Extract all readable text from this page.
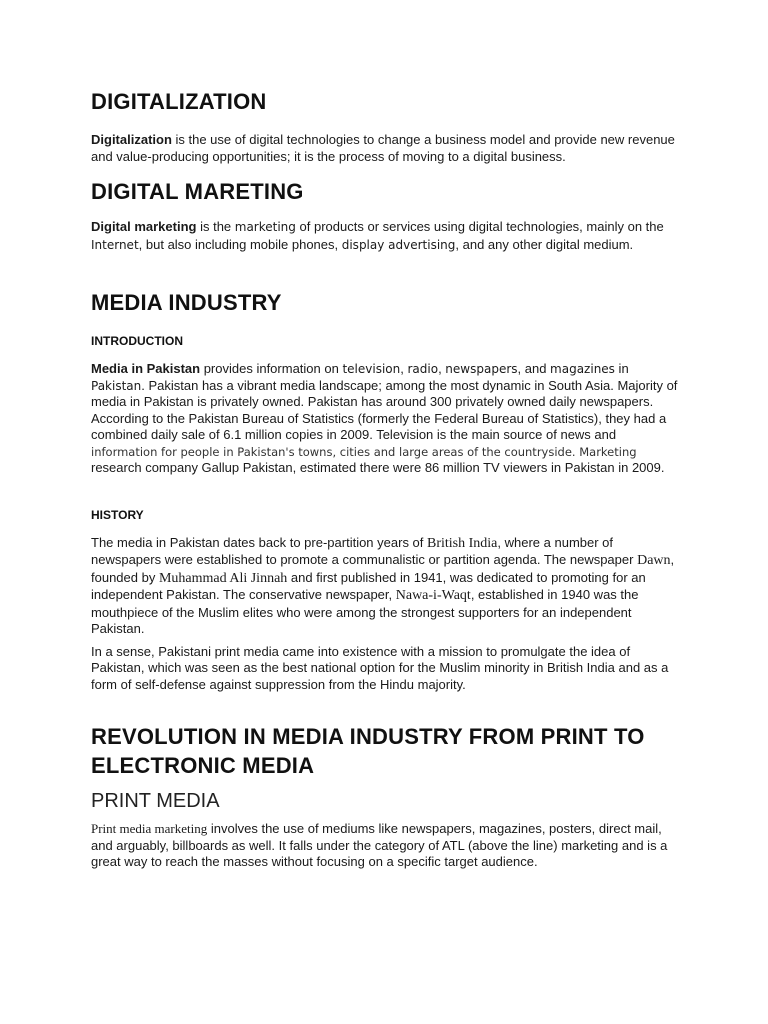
DIGITALIZATION

Digitalization is the use of digital technologies to change a business model and provide new revenue and value-producing opportunities; it is the process of moving to a digital business.

DIGITAL MARETING

Digital marketing is the marketing of products or services using digital technologies, mainly on the Internet, but also including mobile phones, display advertising, and any other digital medium.

MEDIA INDUSTRY
INTRODUCTION

Media in Pakistan provides information on television, radio, newspapers, and magazines in Pakistan. Pakistan has a vibrant media landscape; among the most dynamic in South Asia. Majority of media in Pakistan is privately owned. Pakistan has around 300 privately owned daily newspapers. According to the Pakistan Bureau of Statistics (formerly the Federal Bureau of Statistics), they had a combined daily sale of 6.1 million copies in 2009. Television is the main source of news and information for people in Pakistan's towns, cities and large areas of the countryside. Marketing research company Gallup Pakistan, estimated there were 86 million TV viewers in Pakistan in 2009.

HISTORY

The media in Pakistan dates back to pre-partition years of British India, where a number of newspapers were established to promote a communalistic or partition agenda. The newspaper Dawn, founded by Muhammad Ali Jinnah and first published in 1941, was dedicated to promoting for an independent Pakistan. The conservative newspaper, Nawa-i-Waqt, established in 1940 was the mouthpiece of the Muslim elites who were among the strongest supporters for an independent Pakistan.

In a sense, Pakistani print media came into existence with a mission to promulgate the idea of Pakistan, which was seen as the best national option for the Muslim minority in British India and as a form of self-defense against suppression from the Hindu majority.

REVOLUTION IN MEDIA INDUSTRY FROM PRINT TO ELECTRONIC MEDIA
PRINT MEDIA

Print media marketing involves the use of mediums like newspapers, magazines, posters, direct mail, and arguably, billboards as well. It falls under the category of ATL (above the line) marketing and is a great way to reach the masses without focusing on a specific target audience.
